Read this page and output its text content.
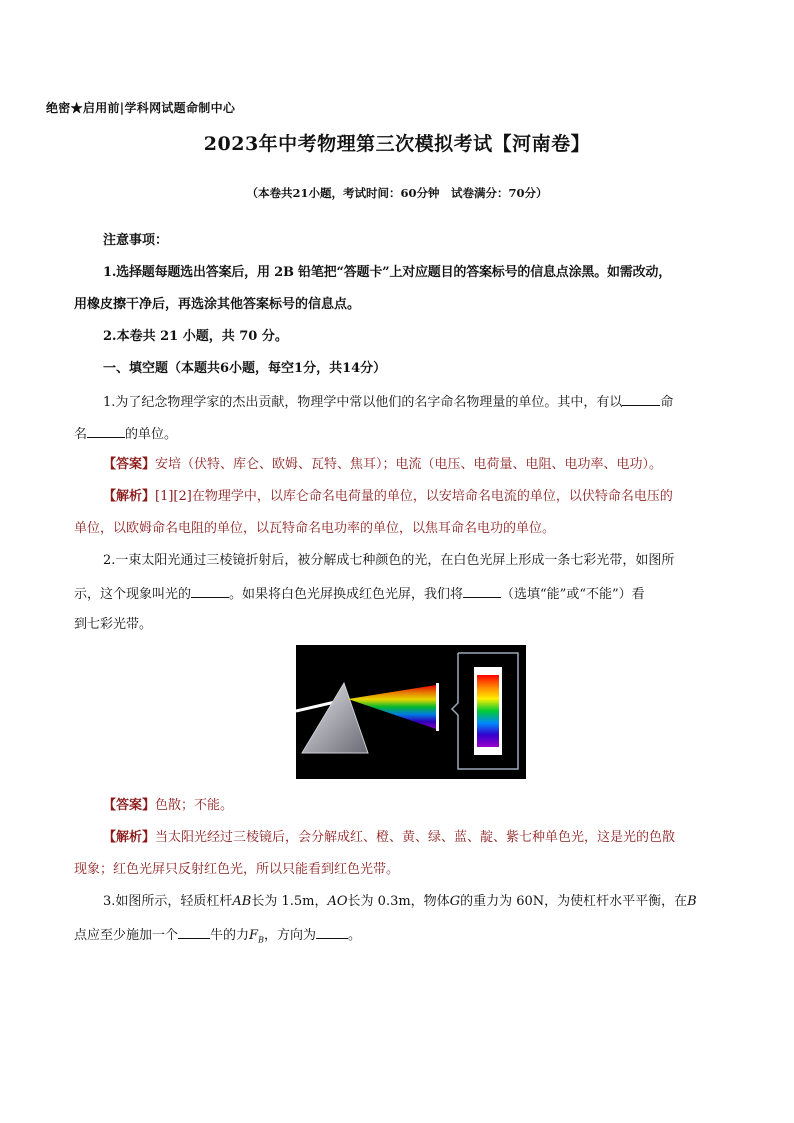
绝密★启用前|学科网试题命制中心
2023年中考物理第三次模拟考试【河南卷】
（本卷共21小题，考试时间：60分钟　试卷满分：70分）
注意事项：
1.选择题每题选出答案后，用 2B 铅笔把“答题卡”上对应题目的答案标号的信息点涂黑。如需改动，
用橡皮擦干净后，再选涂其他答案标号的信息点。
2.本卷共 21 小题，共 70 分。
一、填空题（本题共6小题，每空1分，共14分）
1.为了纪念物理学家的杰出贡献，物理学中常以他们的名字命名物理量的单位。其中，有以	命
名	的单位。
【答案】安培（伏特、库仑、欧姆、瓦特、焦耳）；电流（电压、电荷量、电阻、电功率、电功）。
【解析】[1][2]在物理学中，以库仑命名电荷量的单位，以安培命名电流的单位，以伏特命名电压的
单位，以欧姆命名电阻的单位，以瓦特命名电功率的单位，以焦耳命名电功的单位。
2.一束太阳光通过三棱镜折射后，被分解成七种颜色的光，在白色光屏上形成一条七彩光带，如图所
示，这个现象叫光的	。如果将白色光屏换成红色光屏，我们将	（选填“能”或“不能”）看
到七彩光带。
【答案】色散；不能。
【解析】当太阳光经过三棱镜后，会分解成红、橙、黄、绿、蓝、靛、紫七种单色光，这是光的色散
现象；红色光屏只反射红色光，所以只能看到红色光带。
3.如图所示，轻质杠杆AB长为 1.5m，AO长为 0.3m，物体G的重力为 60N，为使杠杆水平平衡，在B
点应至少施加一个 牛的力$F_B$，方向为 。
